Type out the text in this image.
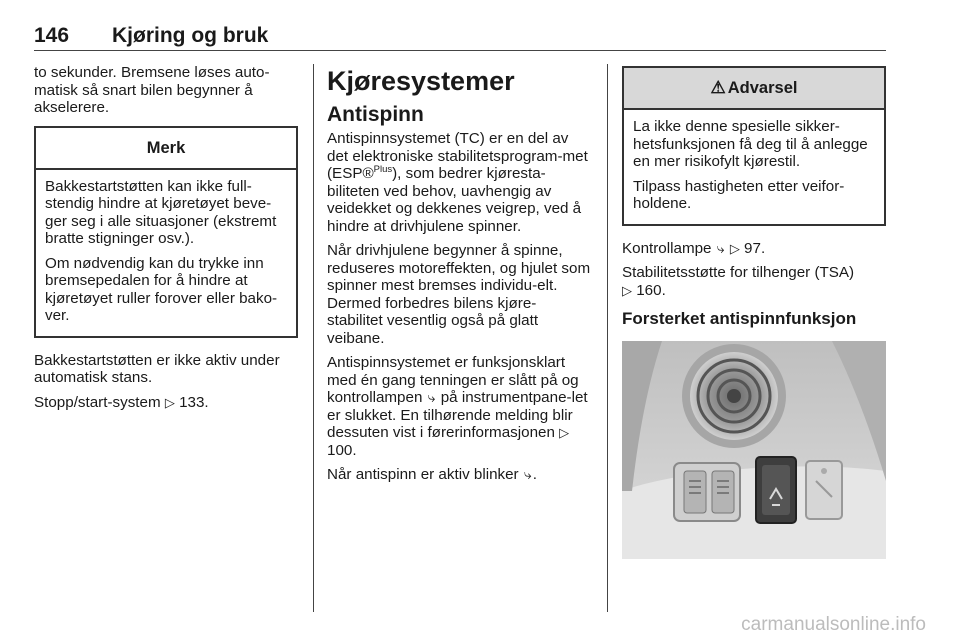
146 Kjøring og bruk

to sekunder. Bremsene løses auto-matisk så snart bilen begynner å akselerere.

Merk

Bakkestartstøtten kan ikke full-stendig hindre at kjøretøyet beve-ger seg i alle situasjoner (ekstremt bratte stigninger osv.).

Om nødvendig kan du trykke inn bremsepedalen for å hindre at kjøretøyet ruller forover eller bako-ver.

Bakkestartstøtten er ikke aktiv under automatisk stans.

Stopp/start-system ▷ 133.

Kjøresystemer
Antispinn

Antispinnsystemet (TC) er en del av det elektroniske stabilitetsprogram-met (ESP®$^{Plus}$), som bedrer kjøresta-biliteten ved behov, uavhengig av veidekket og dekkenes veigrep, ved å hindre at drivhjulene spinner.

Når drivhjulene begynner å spinne, reduseres motoreffekten, og hjulet som spinner mest bremses individu-elt. Dermed forbedres bilens kjøre-stabilitet vesentlig også på glatt veibane.

Antispinnsystemet er funksjonsklart med én gang tenningen er slått på og kontrollampen ⤷ på instrumentpane-let er slukket. En tilhørende melding blir dessuten vist i førerinformasjonen ▷ 100.

Når antispinn er aktiv blinker ⤷.

⚠ Advarsel

La ikke denne spesielle sikker-hetsfunksjonen få deg til å anlegge en mer risikofylt kjørestil.

Tilpass hastigheten etter veifor-holdene.

Kontrollampe ⤷ ▷ 97.

Stabilitetsstøtte for tilhenger (TSA)
▷ 160.

Forsterket antispinnfunksjon
carmanualsonline.info
